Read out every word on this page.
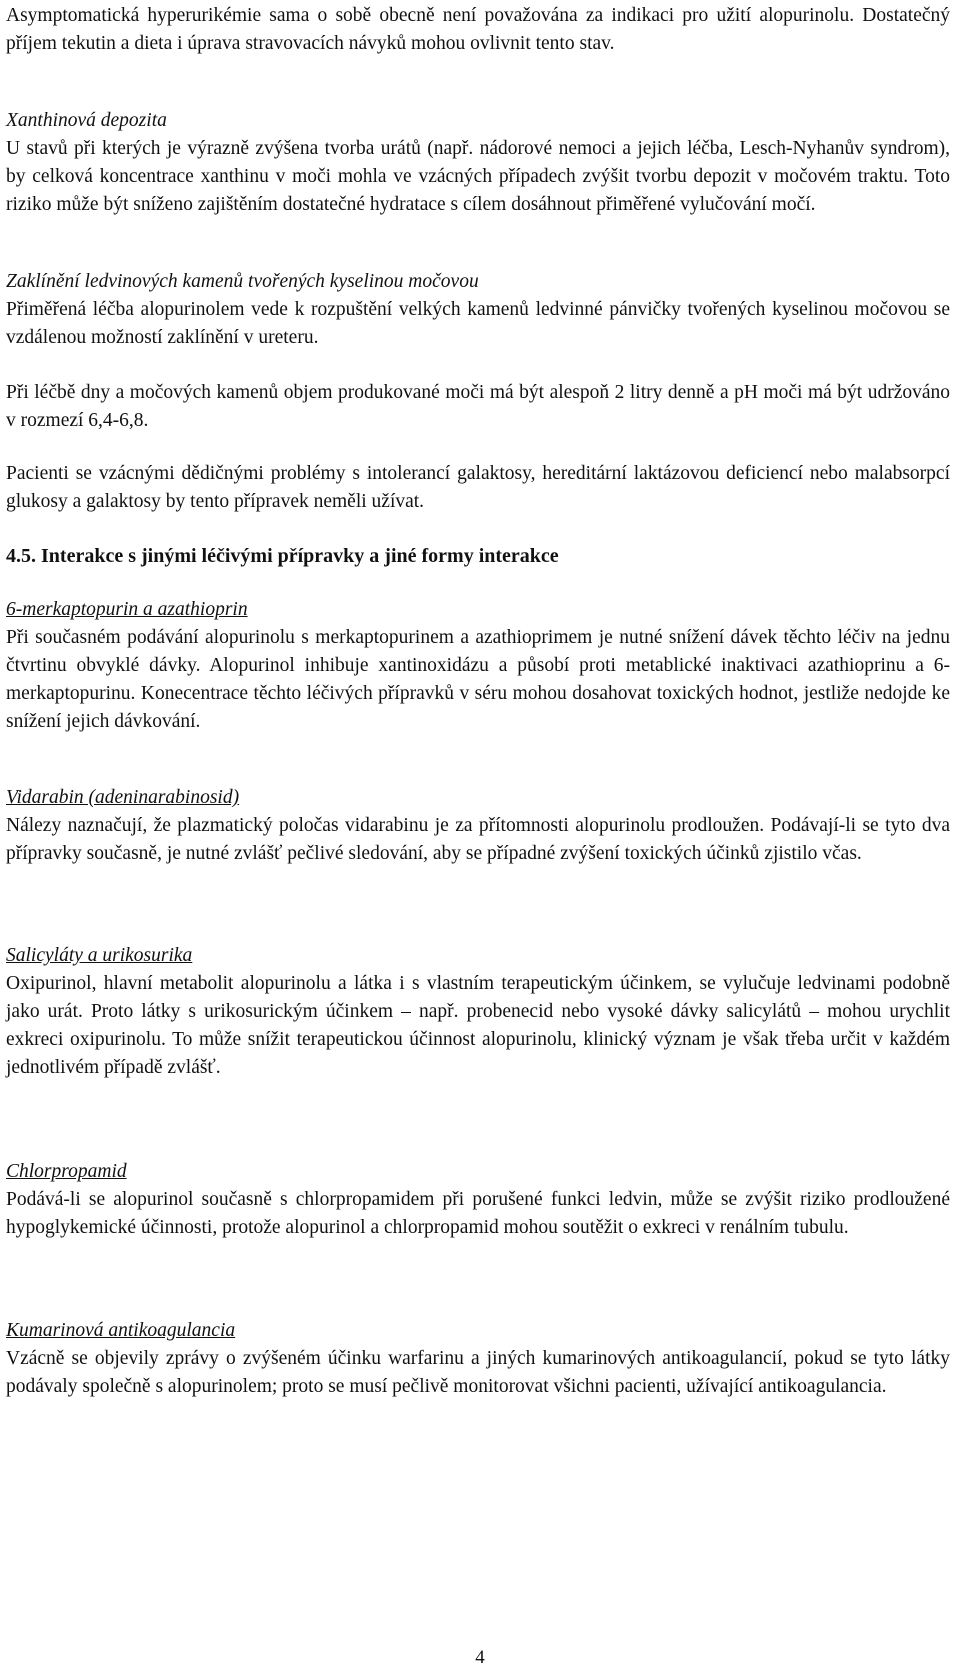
Asymptomatická hyperurikémie sama o sobě obecně není považována za indikaci pro užití alopurinolu. Dostatečný příjem tekutin a dieta i úprava stravovacích návyků mohou ovlivnit tento stav.

Xanthinová depozita

U stavů při kterých je výrazně zvýšena tvorba urátů (např. nádorové nemoci a jejich léčba, Lesch-Nyhanův syndrom), by celková koncentrace xanthinu v moči mohla ve vzácných případech zvýšit tvorbu depozit v močovém traktu. Toto riziko může být sníženo zajištěním dostatečné hydratace s cílem dosáhnout přiměřené vylučování močí.

Zaklínění ledvinových kamenů tvořených kyselinou močovou

Přiměřená léčba alopurinolem vede k rozpuštění velkých kamenů ledvinné pánvičky tvořených kyselinou močovou se vzdálenou možností zaklínění v ureteru.

Při léčbě dny a močových kamenů objem produkované moči má být alespoň 2 litry denně a pH moči má být udržováno v rozmezí 6,4-6,8.

Pacienti se vzácnými dědičnými problémy s intolerancí galaktosy, hereditární laktázovou deficiencí nebo malabsorpcí glukosy a galaktosy by tento přípravek neměli užívat.

4.5. Interakce s jinými léčivými přípravky a jiné formy interakce
6-merkaptopurin a azathioprin

Při současném podávání alopurinolu s merkaptopurinem a azathioprimem je nutné snížení dávek těchto léčiv na jednu čtvrtinu obvyklé dávky. Alopurinol inhibuje xantinoxidázu a působí proti metablické inaktivaci azathioprinu a 6-merkaptopurinu. Konecentrace těchto léčivých přípravků v séru mohou dosahovat toxických hodnot, jestliže nedojde ke snížení jejich dávkování.

Vidarabin (adeninarabinosid)

Nálezy naznačují, že plazmatický poločas vidarabinu je za přítomnosti alopurinolu prodloužen. Podávají-li se tyto dva přípravky současně, je nutné zvlášť pečlivé sledování, aby se případné zvýšení toxických účinků zjistilo včas.

Salicyláty a urikosurika

Oxipurinol, hlavní metabolit alopurinolu a látka i s vlastním terapeutickým účinkem, se vylučuje ledvinami podobně jako urát. Proto látky s urikosurickým účinkem – např. probenecid nebo vysoké dávky salicylátů – mohou urychlit exkreci oxipurinolu. To může snížit terapeutickou účinnost alopurinolu, klinický význam je však třeba určit v každém jednotlivém případě zvlášť.

Chlorpropamid

Podává-li se alopurinol současně s chlorpropamidem při porušené funkci ledvin, může se zvýšit riziko prodloužené hypoglykemické účinnosti, protože alopurinol a chlorpropamid mohou soutěžit o exkreci v renálním tubulu.

Kumarinová antikoagulancia

Vzácně se objevily zprávy o zvýšeném účinku warfarinu a jiných kumarinových antikoagulancií, pokud se tyto látky podávaly společně s alopurinolem; proto se musí pečlivě monitorovat všichni pacienti, užívající antikoagulancia.

4
